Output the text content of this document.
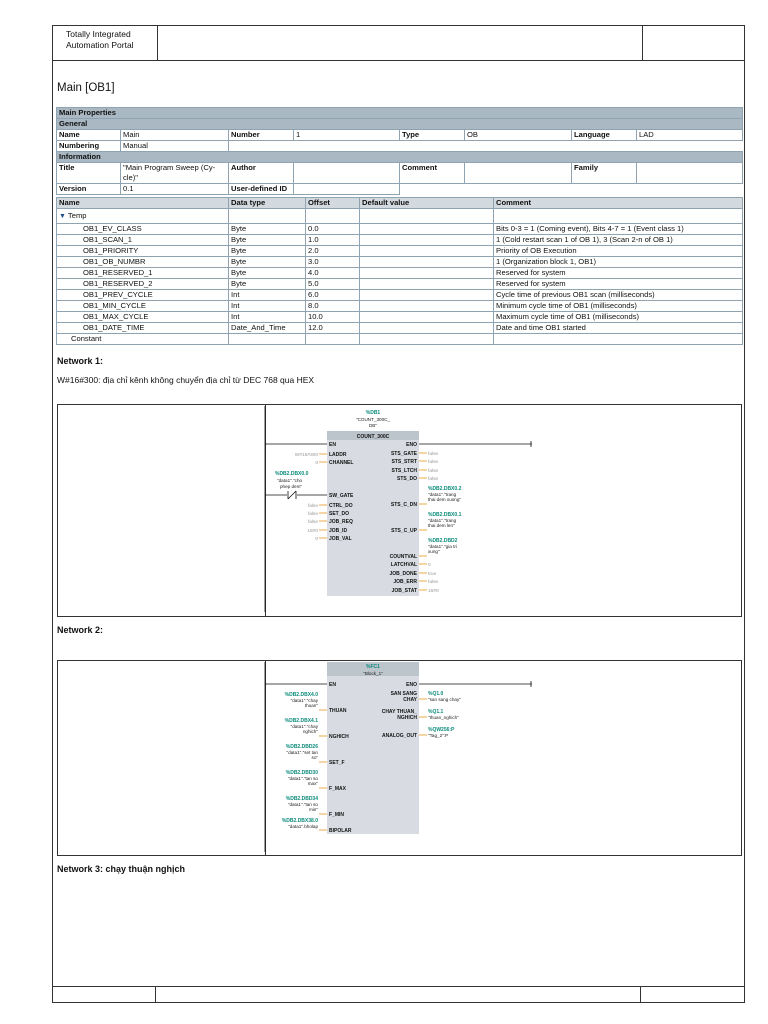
Totally Integrated
Automation Portal
Main [OB1]
Main Properties							
General							
Name	Main	Number	1	Type	OB	Language	LAD
Numbering	Manual						
Information							
Title	"Main Program Sweep (Cy-
cle)"	Author		Comment		Family	
Version	0.1	User-defined ID					
Name	Data type	Offset	Default value	Comment
▼ Temp				
OB1_EV_CLASS	Byte	0.0		Bits 0-3 = 1 (Coming event), Bits 4-7 = 1 (Event class 1)
OB1_SCAN_1	Byte	1.0		1 (Cold restart scan 1 of OB 1), 3 (Scan 2-n of OB 1)
OB1_PRIORITY	Byte	2.0		Priority of OB Execution
OB1_OB_NUMBR	Byte	3.0		1 (Organization block 1, OB1)
OB1_RESERVED_1	Byte	4.0		Reserved for system
OB1_RESERVED_2	Byte	5.0		Reserved for system
OB1_PREV_CYCLE	Int	6.0		Cycle time of previous OB1 scan (milliseconds)
OB1_MIN_CYCLE	Int	8.0		Minimum cycle time of OB1 (milliseconds)
OB1_MAX_CYCLE	Int	10.0		Maximum cycle time of OB1 (milliseconds)
OB1_DATE_TIME	Date_And_Time	12.0		Date and time OB1 started
Constant				
Network 1:
W#16#300: địa chỉ kênh không chuyển địa chỉ từ DEC 768 qua HEX
%DB1
"COUNT_300C_
DB"
COUNT_300C
EN	ENO
LADDR
W#16#300
CHANNEL
0
SW_GATE
CTRL_DO
false
SET_DO
false
JOB_REQ
false
JOB_ID
16#0
JOB_VAL
0
STS_GATE false
STS_STRT false
STS_LTCH false
STS_DO false
STS_C_DN
STS_C_UP
COUNTVAL
LATCHVAL 0
JOB_DONE true
JOB_ERR false
JOB_STAT 16#0
%DB2.DBX0.2
"data1"."trang
thai dem xuong"
%DB2.DBX0.1
"data1"."trang
thai dem len"
%DB2.DBD2
"data1"."gia tri
xung"
%DB2.DBX0.0
"data1"."cho
phep dem"
Network 2:
%FC1
"Block_1"
EN	ENO
THUAN
%DB2.DBX4.0
"data1"."chay
thuan"
NGHICH
%DB2.DBX4.1
"data1"."chay
nghich"
SET_F
%DB2.DBD26
"data1"."set tan
so"
F_MAX
%DB2.DBD30
"data1"."tan so
max"
F_MIN
%DB2.DBD34
"data1"."tan so
min"
BIPOLAR
%DB2.DBX38.0
"data1".bholap
SAN SANG
CHAY
CHAY THUAN_
NGHICH
ANALOG_OUT
%Q1.0
"san sang chay"
%Q1.1
"thuan_nghich"
%QW256:P
"Tag_2":P
Network 3: chạy thuận nghịch
